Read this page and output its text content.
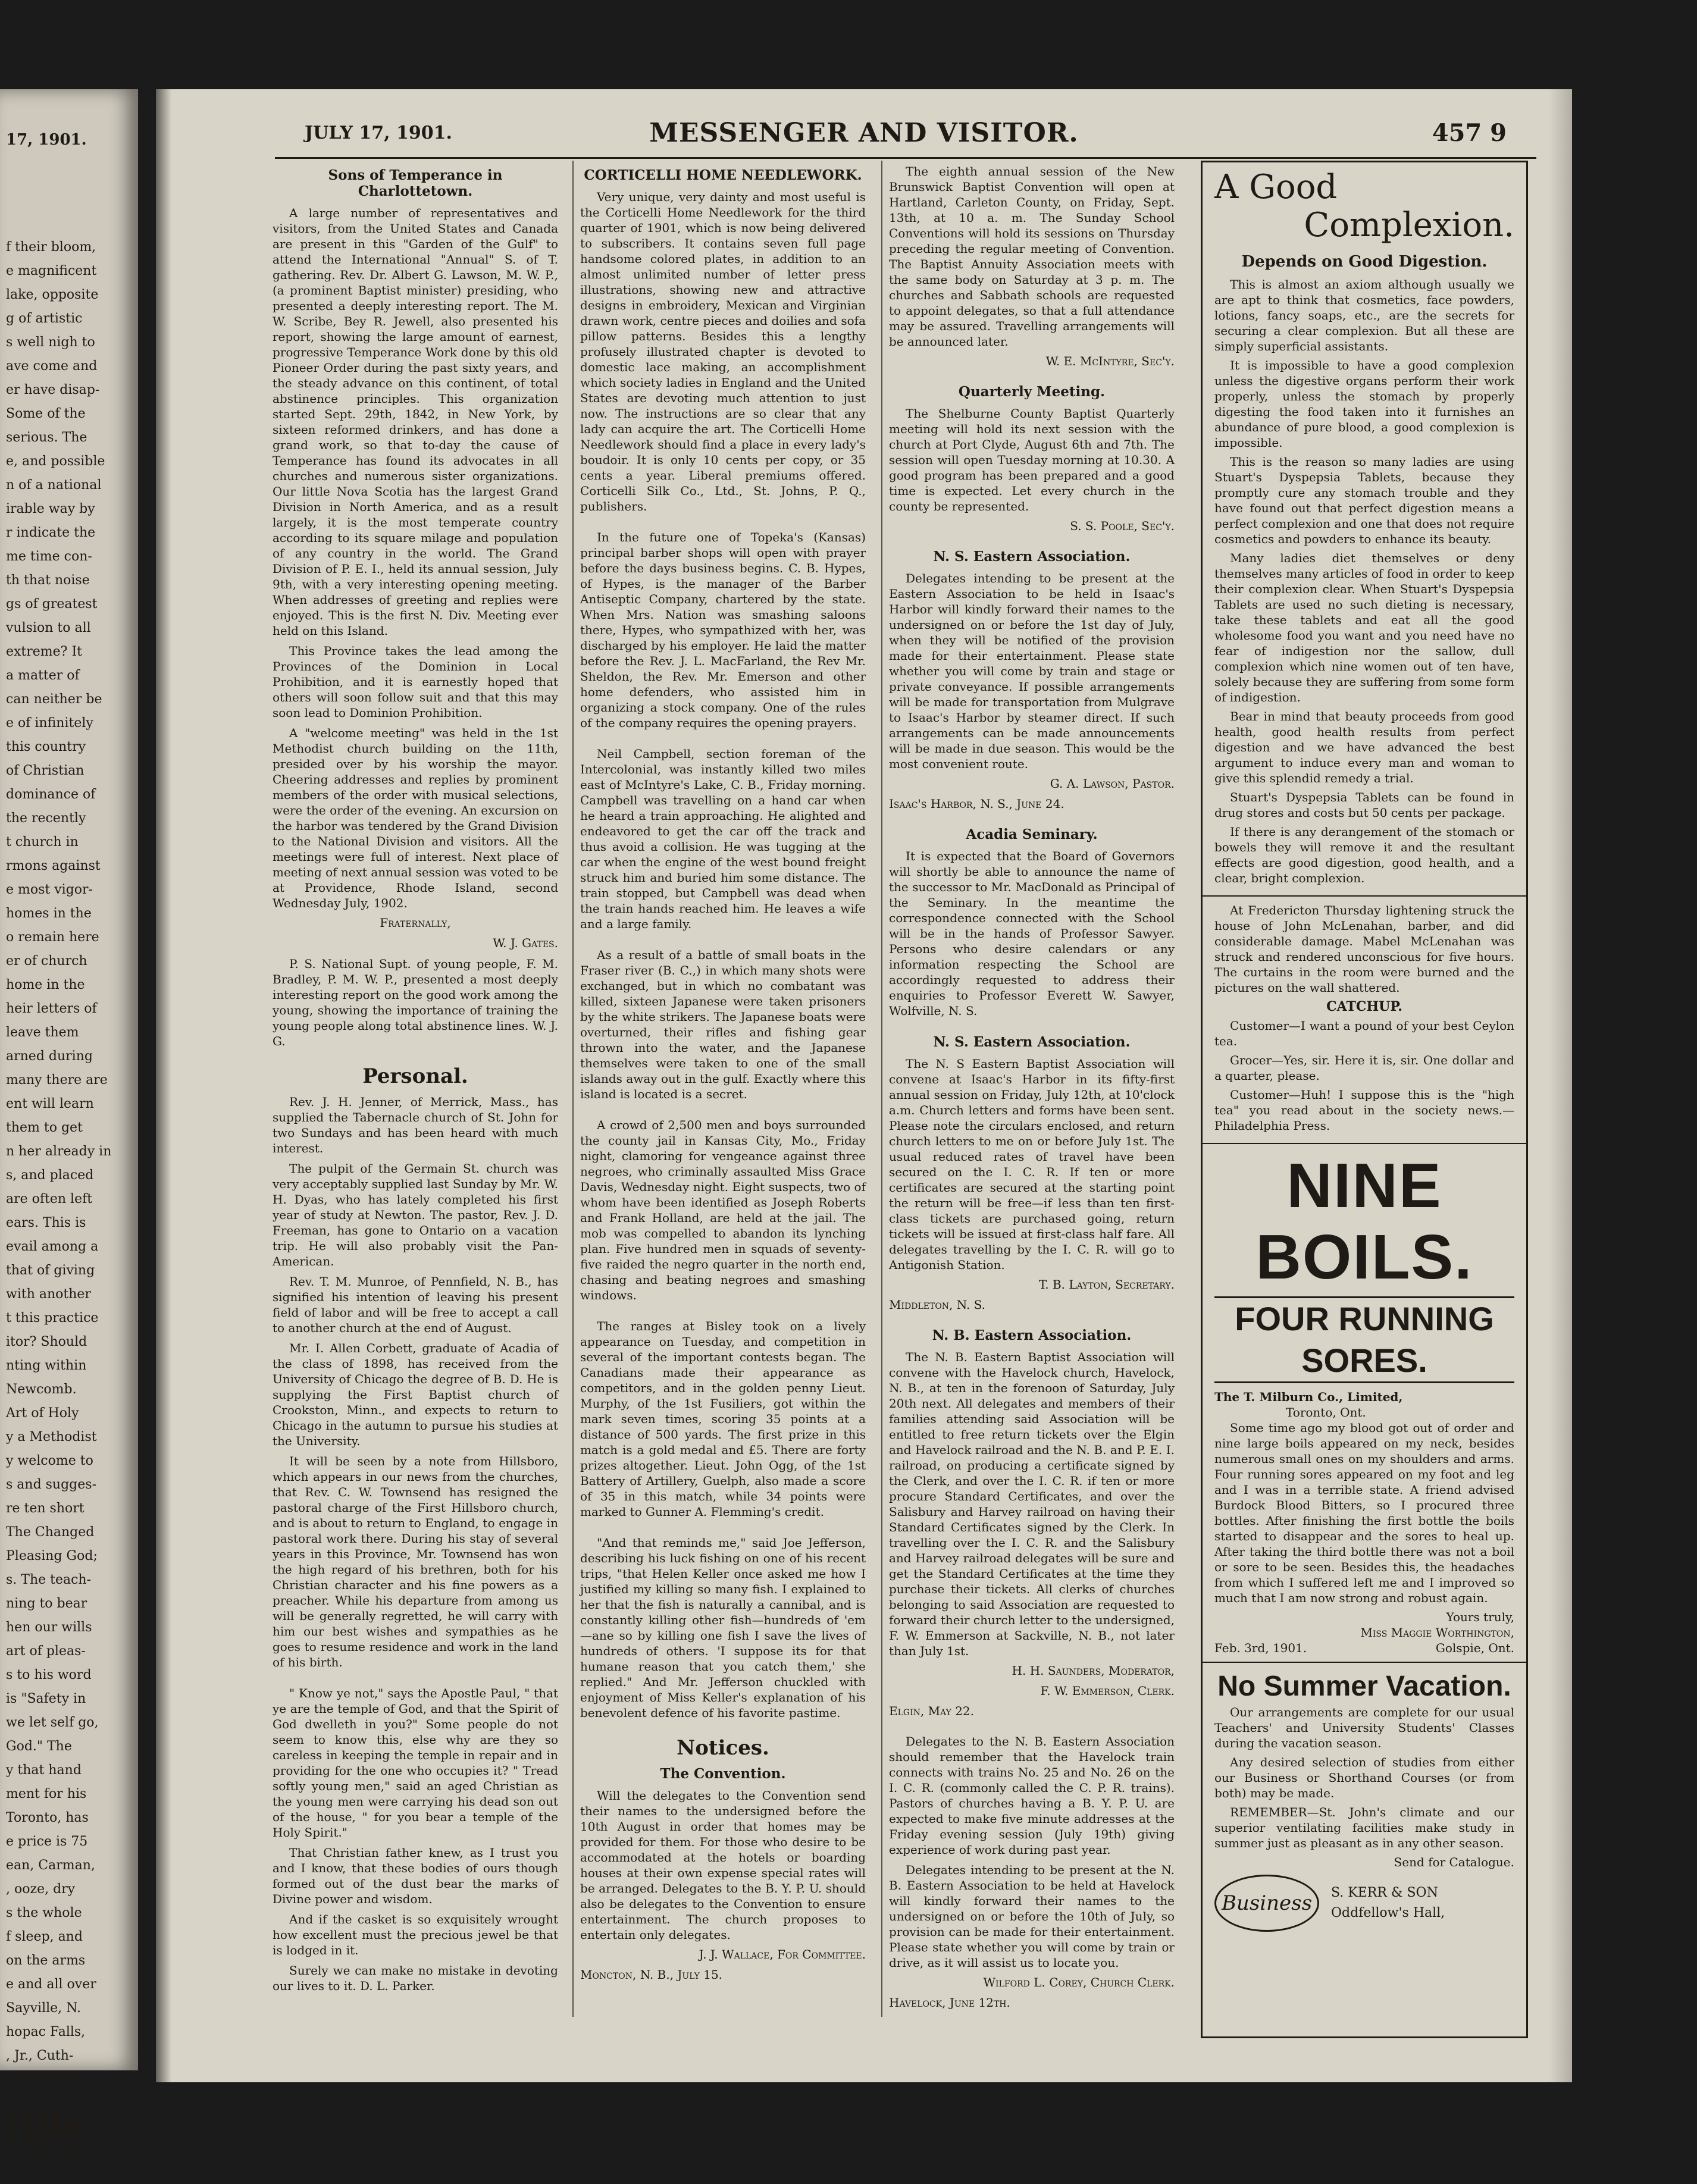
17, 1901.
f their bloom,
e magnificent
lake, opposite
g of artistic
s well nigh to
ave come and
er have disap-
Some of the
serious. The
e, and possible
n of a national
irable way by
r indicate the
me time con-
th that noise
gs of greatest
vulsion to all
extreme? It
a matter of
can neither be
e of infinitely
this country
of Christian
dominance of
the recently
t church in
rmons against
e most vigor-
homes in the
o remain here
er of church
home in the
heir letters of
leave them
arned during
many there are
ent will learn
them to get
n her already in
s, and placed
are often left
ears. This is
evail among a
that of giving
with another
t this practice
itor? Should
nting within
Newcomb.
Art of Holy
y a Methodist
y welcome to
s and sugges-
re ten short
The Changed
Pleasing God;
s. The teach-
ning to bear
hen our wills
art of pleas-
s to his word
is "Safety in
we let self go,
God." The
y that hand
ment for his
Toronto, has
e price is 75
ean, Carman,
, ooze, dry
s the whole
f sleep, and
on the arms
e and all over
Sayville, N.
hopac Falls,
, Jr., Cuth-
others, that
cured by
rilla
eczema, by
uilds up the
JULY 17, 1901.	MESSENGER AND VISITOR.	457 9
Sons of Temperance in Charlottetown.

A large number of representatives and visitors, from the United States and Canada are present in this "Garden of the Gulf" to attend the International "Annual" S. of T. gathering. Rev. Dr. Albert G. Lawson, M. W. P., (a prominent Baptist minister) presiding, who presented a deeply interesting report. The M. W. Scribe, Bey R. Jewell, also presented his report, showing the large amount of earnest, progressive Temperance Work done by this old Pioneer Order during the past sixty years, and the steady advance on this continent, of total abstinence principles. This organization started Sept. 29th, 1842, in New York, by sixteen reformed drinkers, and has done a grand work, so that to-day the cause of Temperance has found its advocates in all churches and numerous sister organizations. Our little Nova Scotia has the largest Grand Division in North America, and as a result largely, it is the most temperate country according to its square milage and population of any country in the world. The Grand Division of P. E. I., held its annual session, July 9th, with a very interesting opening meeting. When addresses of greeting and replies were enjoyed. This is the first N. Div. Meeting ever held on this Island.

This Province takes the lead among the Provinces of the Dominion in Local Prohibition, and it is earnestly hoped that others will soon follow suit and that this may soon lead to Dominion Prohibition.

A "welcome meeting" was held in the 1st Methodist church building on the 11th, presided over by his worship the mayor. Cheering addresses and replies by prominent members of the order with musical selections, were the order of the evening. An excursion on the harbor was tendered by the Grand Division to the National Division and visitors. All the meetings were full of interest. Next place of meeting of next annual session was voted to be at Providence, Rhode Island, second Wednesday July, 1902.

Fraternally,
W. J. Gates.

P. S. National Supt. of young people, F. M. Bradley, P. M. W. P., presented a most deeply interesting report on the good work among the young, showing the importance of training the young people along total abstinence lines. W. J. G.

Personal.

Rev. J. H. Jenner, of Merrick, Mass., has supplied the Tabernacle church of St. John for two Sundays and has been heard with much interest.

The pulpit of the Germain St. church was very acceptably supplied last Sunday by Mr. W. H. Dyas, who has lately completed his first year of study at Newton. The pastor, Rev. J. D. Freeman, has gone to Ontario on a vacation trip. He will also probably visit the Pan-American.

Rev. T. M. Munroe, of Pennfield, N. B., has signified his intention of leaving his present field of labor and will be free to accept a call to another church at the end of August.

Mr. I. Allen Corbett, graduate of Acadia of the class of 1898, has received from the University of Chicago the degree of B. D. He is supplying the First Baptist church of Crookston, Minn., and expects to return to Chicago in the autumn to pursue his studies at the University.

It will be seen by a note from Hillsboro, which appears in our news from the churches, that Rev. C. W. Townsend has resigned the pastoral charge of the First Hillsboro church, and is about to return to England, to engage in pastoral work there. During his stay of several years in this Province, Mr. Townsend has won the high regard of his brethren, both for his Christian character and his fine powers as a preacher. While his departure from among us will be generally regretted, he will carry with him our best wishes and sympathies as he goes to resume residence and work in the land of his birth.

" Know ye not," says the Apostle Paul, " that ye are the temple of God, and that the Spirit of God dwelleth in you?" Some people do not seem to know this, else why are they so careless in keeping the temple in repair and in providing for the one who occupies it? " Tread softly young men," said an aged Christian as the young men were carrying his dead son out of the house, " for you bear a temple of the Holy Spirit."

That Christian father knew, as I trust you and I know, that these bodies of ours though formed out of the dust bear the marks of Divine power and wisdom.

And if the casket is so exquisitely wrought how excellent must the precious jewel be that is lodged in it.

Surely we can make no mistake in devoting our lives to it. D. L. Parker.

CORTICELLI HOME NEEDLEWORK.

Very unique, very dainty and most useful is the Corticelli Home Needlework for the third quarter of 1901, which is now being delivered to subscribers. It contains seven full page handsome colored plates, in addition to an almost unlimited number of letter press illustrations, showing new and attractive designs in embroidery, Mexican and Virginian drawn work, centre pieces and doilies and sofa pillow patterns. Besides this a lengthy profusely illustrated chapter is devoted to domestic lace making, an accomplishment which society ladies in England and the United States are devoting much attention to just now. The instructions are so clear that any lady can acquire the art. The Corticelli Home Needlework should find a place in every lady's boudoir. It is only 10 cents per copy, or 35 cents a year. Liberal premiums offered. Corticelli Silk Co., Ltd., St. Johns, P. Q., publishers.

In the future one of Topeka's (Kansas) principal barber shops will open with prayer before the days business begins. C. B. Hypes, of Hypes, is the manager of the Barber Antiseptic Company, chartered by the state. When Mrs. Nation was smashing saloons there, Hypes, who sympathized with her, was discharged by his employer. He laid the matter before the Rev. J. L. MacFarland, the Rev Mr. Sheldon, the Rev. Mr. Emerson and other home defenders, who assisted him in organizing a stock company. One of the rules of the company requires the opening prayers.

Neil Campbell, section foreman of the Intercolonial, was instantly killed two miles east of McIntyre's Lake, C. B., Friday morning. Campbell was travelling on a hand car when he heard a train approaching. He alighted and endeavored to get the car off the track and thus avoid a collision. He was tugging at the car when the engine of the west bound freight struck him and buried him some distance. The train stopped, but Campbell was dead when the train hands reached him. He leaves a wife and a large family.

As a result of a battle of small boats in the Fraser river (B. C.,) in which many shots were exchanged, but in which no combatant was killed, sixteen Japanese were taken prisoners by the white strikers. The Japanese boats were overturned, their rifles and fishing gear thrown into the water, and the Japanese themselves were taken to one of the small islands away out in the gulf. Exactly where this island is located is a secret.

A crowd of 2,500 men and boys surrounded the county jail in Kansas City, Mo., Friday night, clamoring for vengeance against three negroes, who criminally assaulted Miss Grace Davis, Wednesday night. Eight suspects, two of whom have been identified as Joseph Roberts and Frank Holland, are held at the jail. The mob was compelled to abandon its lynching plan. Five hundred men in squads of seventy-five raided the negro quarter in the north end, chasing and beating negroes and smashing windows.

The ranges at Bisley took on a lively appearance on Tuesday, and competition in several of the important contests began. The Canadians made their appearance as competitors, and in the golden penny Lieut. Murphy, of the 1st Fusiliers, got within the mark seven times, scoring 35 points at a distance of 500 yards. The first prize in this match is a gold medal and £5. There are forty prizes altogether. Lieut. John Ogg, of the 1st Battery of Artillery, Guelph, also made a score of 35 in this match, while 34 points were marked to Gunner A. Flemming's credit.

"And that reminds me," said Joe Jefferson, describing his luck fishing on one of his recent trips, "that Helen Keller once asked me how I justified my killing so many fish. I explained to her that the fish is naturally a cannibal, and is constantly killing other fish—hundreds of 'em—ane so by killing one fish I save the lives of hundreds of others. 'I suppose its for that humane reason that you catch them,' she replied." And Mr. Jefferson chuckled with enjoyment of Miss Keller's explanation of his benevolent defence of his favorite pastime.

Notices.
The Convention.

Will the delegates to the Convention send their names to the undersigned before the 10th August in order that homes may be provided for them. For those who desire to be accommodated at the hotels or boarding houses at their own expense special rates will be arranged. Delegates to the B. Y. P. U. should also be delegates to the Convention to ensure entertainment. The church proposes to entertain only delegates.

J. J. Wallace, For Committee.
Moncton, N. B., July 15.

The eighth annual session of the New Brunswick Baptist Convention will open at Hartland, Carleton County, on Friday, Sept. 13th, at 10 a. m. The Sunday School Conventions will hold its sessions on Thursday preceding the regular meeting of Convention. The Baptist Annuity Association meets with the same body on Saturday at 3 p. m. The churches and Sabbath schools are requested to appoint delegates, so that a full attendance may be assured. Travelling arrangements will be announced later.

W. E. McIntyre, Sec'y.
Quarterly Meeting.

The Shelburne County Baptist Quarterly meeting will hold its next session with the church at Port Clyde, August 6th and 7th. The session will open Tuesday morning at 10.30. A good program has been prepared and a good time is expected. Let every church in the county be represented.

S. S. Poole, Sec'y.
N. S. Eastern Association.

Delegates intending to be present at the Eastern Association to be held in Isaac's Harbor will kindly forward their names to the undersigned on or before the 1st day of July, when they will be notified of the provision made for their entertainment. Please state whether you will come by train and stage or private conveyance. If possible arrangements will be made for transportation from Mulgrave to Isaac's Harbor by steamer direct. If such arrangements can be made announcements will be made in due season. This would be the most convenient route.

G. A. Lawson, Pastor.
Isaac's Harbor, N. S., June 24.
Acadia Seminary.

It is expected that the Board of Governors will shortly be able to announce the name of the successor to Mr. MacDonald as Principal of the Seminary. In the meantime the correspondence connected with the School will be in the hands of Professor Sawyer. Persons who desire calendars or any information respecting the School are accordingly requested to address their enquiries to Professor Everett W. Sawyer, Wolfville, N. S.

N. S. Eastern Association.

The N. S Eastern Baptist Association will convene at Isaac's Harbor in its fifty-first annual session on Friday, July 12th, at 10'clock a.m. Church letters and forms have been sent. Please note the circulars enclosed, and return church letters to me on or before July 1st. The usual reduced rates of travel have been secured on the I. C. R. If ten or more certificates are secured at the starting point the return will be free—if less than ten first-class tickets are purchased going, return tickets will be issued at first-class half fare. All delegates travelling by the I. C. R. will go to Antigonish Station.

T. B. Layton, Secretary.
Middleton, N. S.
N. B. Eastern Association.

The N. B. Eastern Baptist Association will convene with the Havelock church, Havelock, N. B., at ten in the forenoon of Saturday, July 20th next. All delegates and members of their families attending said Association will be entitled to free return tickets over the Elgin and Havelock railroad and the N. B. and P. E. I. railroad, on producing a certificate signed by the Clerk, and over the I. C. R. if ten or more procure Standard Certificates, and over the Salisbury and Harvey railroad on having their Standard Certificates signed by the Clerk. In travelling over the I. C. R. and the Salisbury and Harvey railroad delegates will be sure and get the Standard Certificates at the time they purchase their tickets. All clerks of churches belonging to said Association are requested to forward their church letter to the undersigned, F. W. Emmerson at Sackville, N. B., not later than July 1st.

H. H. Saunders, Moderator,
F. W. Emmerson, Clerk.
Elgin, May 22.

Delegates to the N. B. Eastern Association should remember that the Havelock train connects with trains No. 25 and No. 26 on the I. C. R. (commonly called the C. P. R. trains). Pastors of churches having a B. Y. P. U. are expected to make five minute addresses at the Friday evening session (July 19th) giving experience of work during past year.

Delegates intending to be present at the N. B. Eastern Association to be held at Havelock will kindly forward their names to the undersigned on or before the 10th of July, so provision can be made for their entertainment. Please state whether you will come by train or drive, as it will assist us to locate you.

Wilford L. Corey, Church Clerk.
Havelock, June 12th.
A Good
Complexion.
Depends on Good Digestion.

This is almost an axiom although usually we are apt to think that cosmetics, face powders, lotions, fancy soaps, etc., are the secrets for securing a clear complexion. But all these are simply superficial assistants.

It is impossible to have a good complexion unless the digestive organs perform their work properly, unless the stomach by properly digesting the food taken into it furnishes an abundance of pure blood, a good complexion is impossible.

This is the reason so many ladies are using Stuart's Dyspepsia Tablets, because they promptly cure any stomach trouble and they have found out that perfect digestion means a perfect complexion and one that does not require cosmetics and powders to enhance its beauty.

Many ladies diet themselves or deny themselves many articles of food in order to keep their complexion clear. When Stuart's Dyspepsia Tablets are used no such dieting is necessary, take these tablets and eat all the good wholesome food you want and you need have no fear of indigestion nor the sallow, dull complexion which nine women out of ten have, solely because they are suffering from some form of indigestion.

Bear in mind that beauty proceeds from good health, good health results from perfect digestion and we have advanced the best argument to induce every man and woman to give this splendid remedy a trial.

Stuart's Dyspepsia Tablets can be found in drug stores and costs but 50 cents per package.

If there is any derangement of the stomach or bowels they will remove it and the resultant effects are good digestion, good health, and a clear, bright complexion.

At Fredericton Thursday lightening struck the house of John McLenahan, barber, and did considerable damage. Mabel McLenahan was struck and rendered unconscious for five hours. The curtains in the room were burned and the pictures on the wall shattered.

CATCHUP.

Customer—I want a pound of your best Ceylon tea.

Grocer—Yes, sir. Here it is, sir. One dollar and a quarter, please.

Customer—Huh! I suppose this is the "high tea" you read about in the society news.—Philadelphia Press.

NINE BOILS.
FOUR RUNNING SORES.
The T. Milburn Co., Limited,
Toronto, Ont.

Some time ago my blood got out of order and nine large boils appeared on my neck, besides numerous small ones on my shoulders and arms. Four running sores appeared on my foot and leg and I was in a terrible state. A friend advised Burdock Blood Bitters, so I procured three bottles. After finishing the first bottle the boils started to disappear and the sores to heal up. After taking the third bottle there was not a boil or sore to be seen. Besides this, the headaches from which I suffered left me and I improved so much that I am now strong and robust again.

Yours truly,
Miss Maggie Worthington,
Feb. 3rd, 1901.	Golspie, Ont.
No Summer Vacation.

Our arrangements are complete for our usual Teachers' and University Students' Classes during the vacation season.

Any desired selection of studies from either our Business or Shorthand Courses (or from both) may be made.

REMEMBER—St. John's climate and our superior ventilating facilities make study in summer just as pleasant as in any other season.

Send for Catalogue.
Business	S. KERR & SON
Oddfellow's Hall,
